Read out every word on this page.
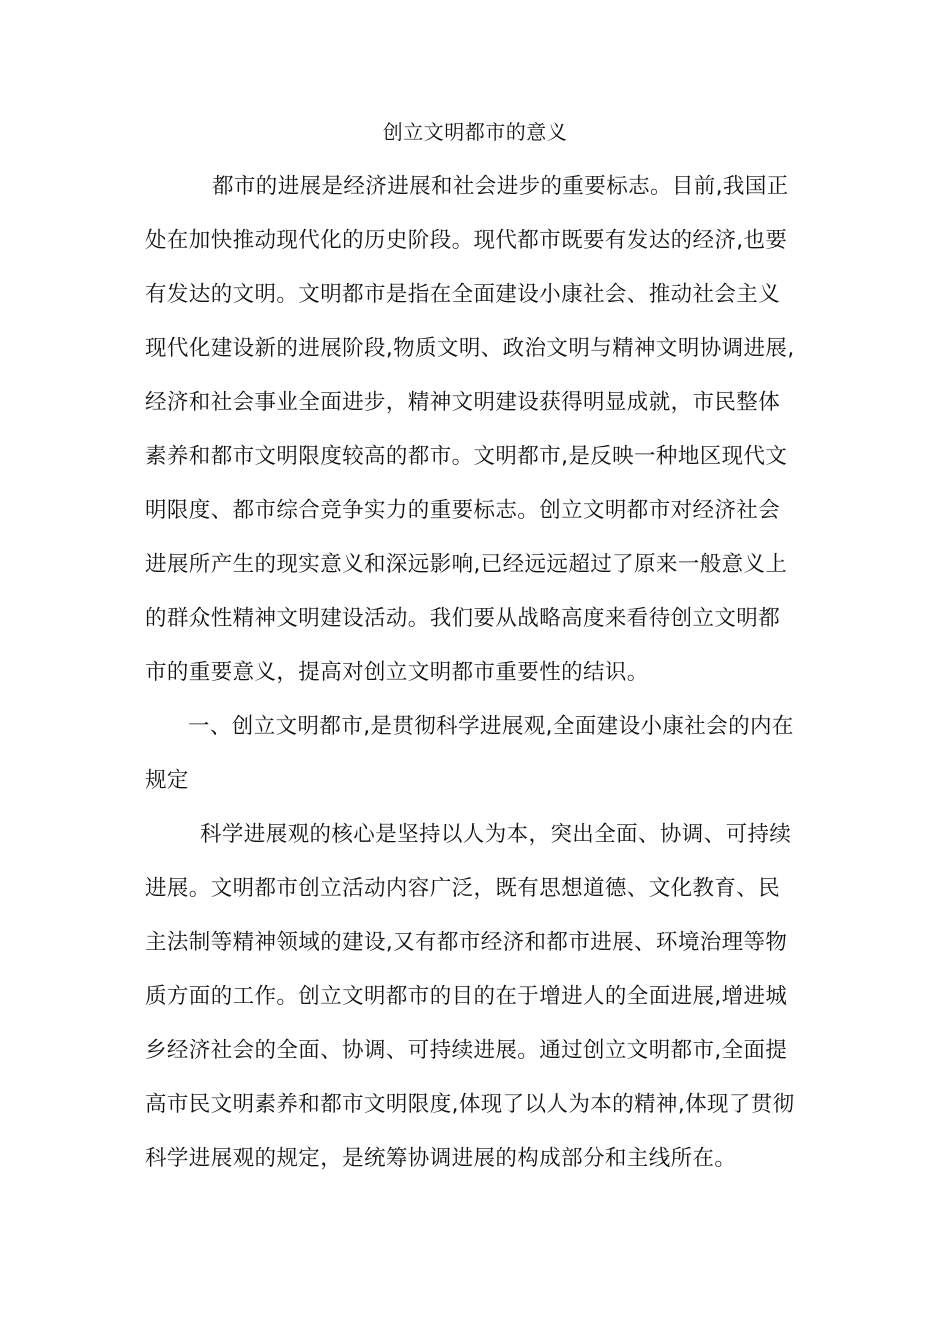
创立文明都市的意义
都市的进展是经济进展和社会进步的重要标志。目前,我国正
处在加快推动现代化的历史阶段。现代都市既要有发达的经济,也要
有发达的文明。文明都市是指在全面建设小康社会、推动社会主义
现代化建设新的进展阶段,物质文明、政治文明与精神文明协调进展,
经济和社会事业全面进步，精神文明建设获得明显成就，市民整体
素养和都市文明限度较高的都市。文明都市,是反映一种地区现代文
明限度、都市综合竞争实力的重要标志。创立文明都市对经济社会
进展所产生的现实意义和深远影响,已经远远超过了原来一般意义上
的群众性精神文明建设活动。我们要从战略高度来看待创立文明都
市的重要意义，提高对创立文明都市重要性的结识。
一、创立文明都市,是贯彻科学进展观,全面建设小康社会的内在
规定
科学进展观的核心是坚持以人为本，突出全面、协调、可持续
进展。文明都市创立活动内容广泛，既有思想道德、文化教育、民
主法制等精神领域的建设,又有都市经济和都市进展、环境治理等物
质方面的工作。创立文明都市的目的在于增进人的全面进展,增进城
乡经济社会的全面、协调、可持续进展。通过创立文明都市,全面提
高市民文明素养和都市文明限度,体现了以人为本的精神,体现了贯彻
科学进展观的规定，是统筹协调进展的构成部分和主线所在。
